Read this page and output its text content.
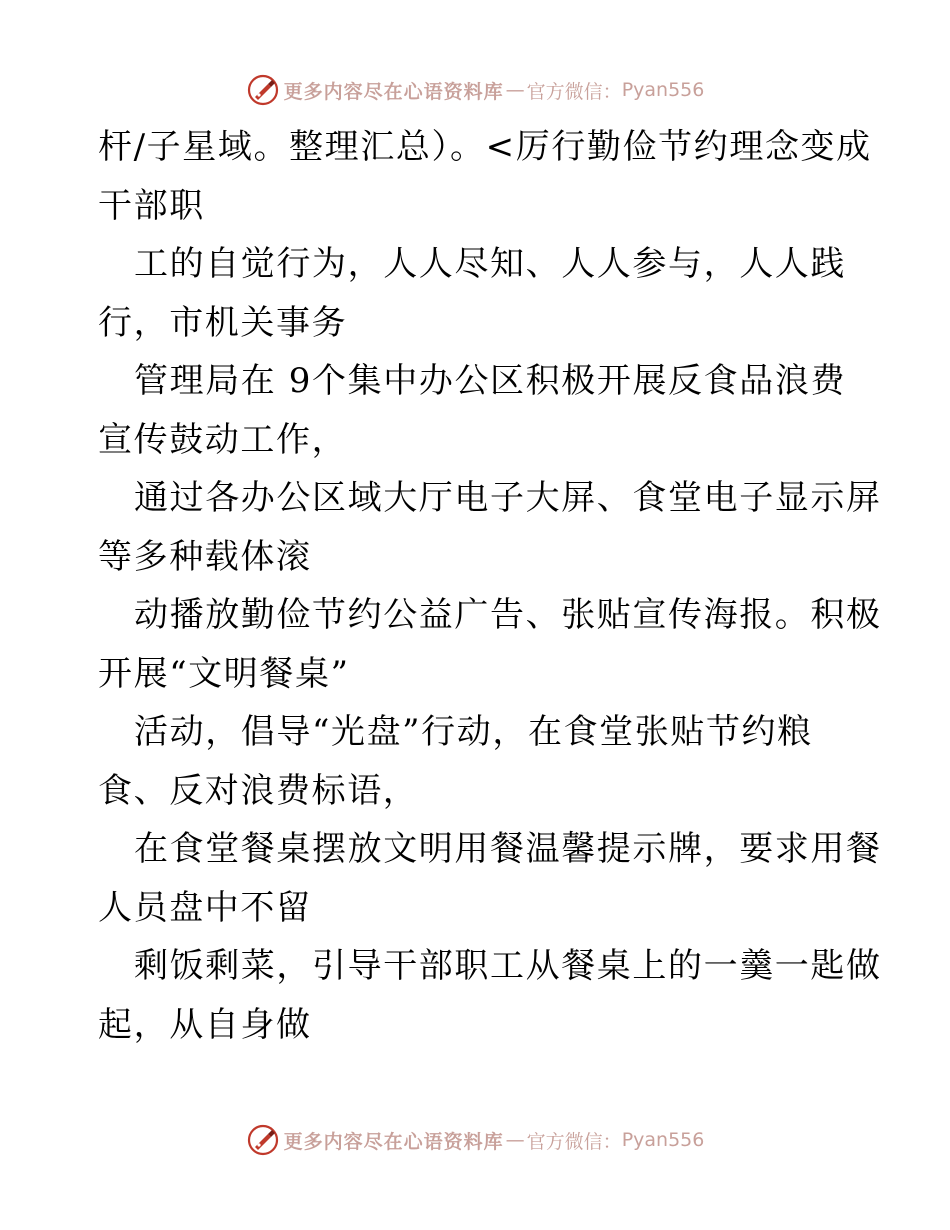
更多内容尽在心语资料库 — 官方微信： Pyan556
杆/子星域。整理汇总）。<厉行勤俭节约理念变成
干部职
工的自觉行为，人人尽知、人人参与，人人践
行，市机关事务
管理局在 9个集中办公区积极开展反食品浪费
宣传鼓动工作，
通过各办公区域大厅电子大屏、食堂电子显示屏
等多种载体滚
动播放勤俭节约公益广告、张贴宣传海报。积极
开展“文明餐桌”
活动，倡导“光盘”行动，在食堂张贴节约粮
食、反对浪费标语，
在食堂餐桌摆放文明用餐温馨提示牌，要求用餐
人员盘中不留
剩饭剩菜，引导干部职工从餐桌上的一羹一匙做
起，从自身做
更多内容尽在心语资料库 — 官方微信： Pyan556
